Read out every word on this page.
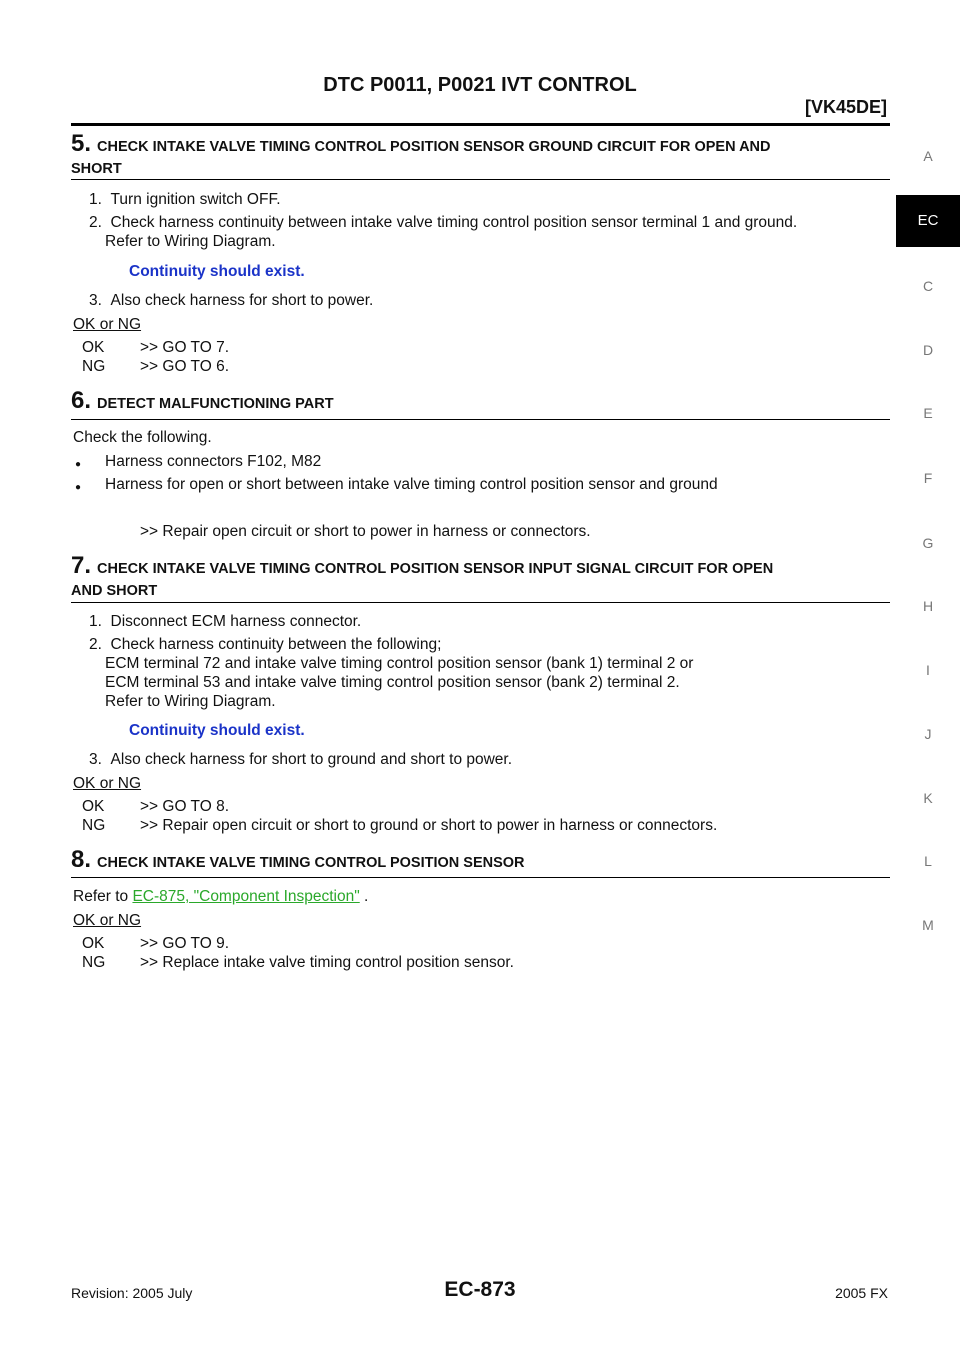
DTC P0011, P0021 IVT CONTROL
[VK45DE]
A
EC
C
D
E
F
G
H
I
J
K
L
M
5. CHECK INTAKE VALVE TIMING CONTROL POSITION SENSOR GROUND CIRCUIT FOR OPEN AND
SHORT
1.  Turn ignition switch OFF.
2.  Check harness continuity between intake valve timing control position sensor terminal 1 and ground.
Refer to Wiring Diagram.
Continuity should exist.
3.  Also check harness for short to power.
OK or NG
OK >> GO TO 7.
NG >> GO TO 6.
6. DETECT MALFUNCTIONING PART
Check the following.
● Harness connectors F102, M82
● Harness for open or short between intake valve timing control position sensor and ground
>> Repair open circuit or short to power in harness or connectors.
7. CHECK INTAKE VALVE TIMING CONTROL POSITION SENSOR INPUT SIGNAL CIRCUIT FOR OPEN
AND SHORT
1.  Disconnect ECM harness connector.
2.  Check harness continuity between the following;
ECM terminal 72 and intake valve timing control position sensor (bank 1) terminal 2 or
ECM terminal 53 and intake valve timing control position sensor (bank 2) terminal 2.
Refer to Wiring Diagram.
Continuity should exist.
3.  Also check harness for short to ground and short to power.
OK or NG
OK >> GO TO 8.
NG >> Repair open circuit or short to ground or short to power in harness or connectors.
8. CHECK INTAKE VALVE TIMING CONTROL POSITION SENSOR
Refer to EC-875, "Component Inspection" .
OK or NG
OK >> GO TO 9.
NG >> Replace intake valve timing control position sensor.
Revision: 2005 July	EC-873	2005 FX
